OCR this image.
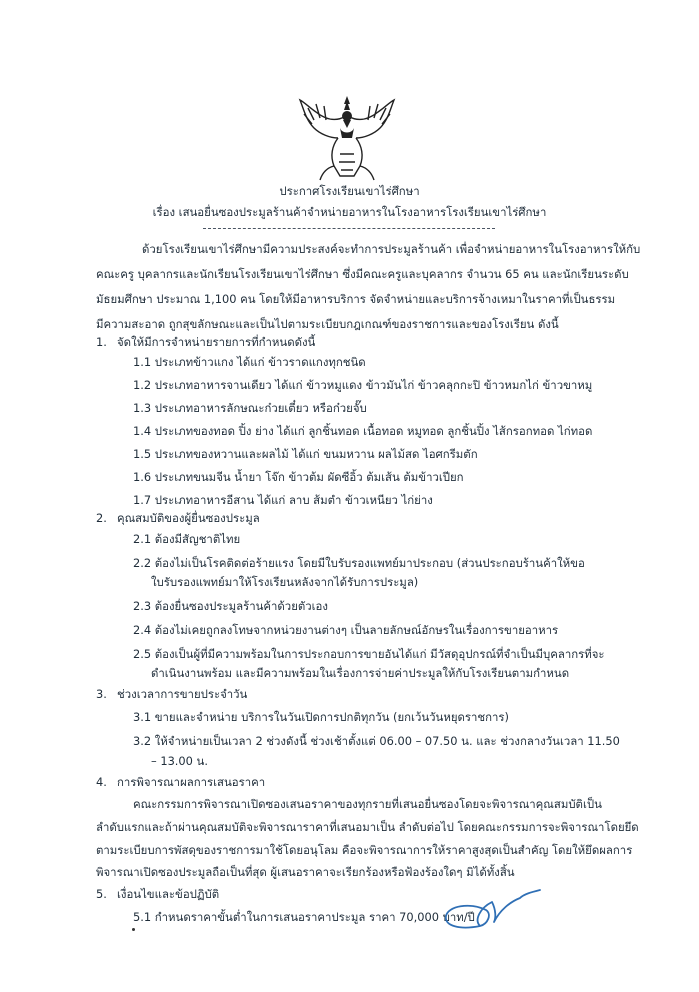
ประกาศโรงเรียนเขาไร่ศึกษา
เรื่อง เสนอยื่นซองประมูลร้านค้าจำหน่ายอาหารในโรงอาหารโรงเรียนเขาไร่ศึกษา
ด้วยโรงเรียนเขาไร่ศึกษามีความประสงค์จะทำการประมูลร้านค้า เพื่อจำหน่ายอาหารในโรงอาหารให้กับ
คณะครู บุคลากรและนักเรียนโรงเรียนเขาไร่ศึกษา ซึ่งมีคณะครูและบุคลากร จำนวน 65 คน และนักเรียนระดับ
มัธยมศึกษา ประมาณ 1,100 คน โดยให้มีอาหารบริการ จัดจำหน่ายและบริการจ้างเหมาในราคาที่เป็นธรรม
มีความสะอาด ถูกสุขลักษณะและเป็นไปตามระเบียบกฎเกณฑ์ของราชการและของโรงเรียน ดังนี้
1. จัดให้มีการจำหน่ายรายการที่กำหนดดังนี้
1.1 ประเภทข้าวแกง ได้แก่ ข้าวราดแกงทุกชนิด
1.2 ประเภทอาหารจานเดียว ได้แก่ ข้าวหมูแดง ข้าวมันไก่ ข้าวคลุกกะปิ ข้าวหมกไก่ ข้าวขาหมู
1.3 ประเภทอาหารลักษณะก๋วยเตี๋ยว หรือก๋วยจั๊บ
1.4 ประเภทของทอด ปิ้ง ย่าง ได้แก่ ลูกชิ้นทอด เนื้อทอด หมูทอด ลูกชิ้นปิ้ง ไส้กรอกทอด ไก่ทอด
1.5 ประเภทของหวานและผลไม้ ได้แก่ ขนมหวาน ผลไม้สด ไอศกรีมตัก
1.6 ประเภทขนมจีน น้ำยา โจ๊ก ข้าวต้ม ผัดซีอิ้ว ต้มเส้น ต้มข้าวเปียก
1.7 ประเภทอาหารอีสาน ได้แก่ ลาบ ส้มตำ ข้าวเหนียว ไก่ย่าง
2. คุณสมบัติของผู้ยื่นซองประมูล
2.1 ต้องมีสัญชาติไทย
2.2 ต้องไม่เป็นโรคติดต่อร้ายแรง โดยมีใบรับรองแพทย์มาประกอบ (ส่วนประกอบร้านค้าให้ขอ
ใบรับรองแพทย์มาให้โรงเรียนหลังจากได้รับการประมูล)
2.3 ต้องยื่นซองประมูลร้านค้าด้วยตัวเอง
2.4 ต้องไม่เคยถูกลงโทษจากหน่วยงานต่างๆ เป็นลายลักษณ์อักษรในเรื่องการขายอาหาร
2.5 ต้องเป็นผู้ที่มีความพร้อมในการประกอบการขายอันได้แก่ มีวัสดุอุปกรณ์ที่จำเป็นมีบุคลากรที่จะ
ดำเนินงานพร้อม และมีความพร้อมในเรื่องการจ่ายค่าประมูลให้กับโรงเรียนตามกำหนด
3. ช่วงเวลาการขายประจำวัน
3.1 ขายและจำหน่าย บริการในวันเปิดการปกติทุกวัน (ยกเว้นวันหยุดราชการ)
3.2 ให้จำหน่ายเป็นเวลา 2 ช่วงดังนี้ ช่วงเช้าตั้งแต่ 06.00 – 07.50 น. และ ช่วงกลางวันเวลา 11.50
– 13.00 น.
4. การพิจารณาผลการเสนอราคา
คณะกรรมการพิจารณาเปิดซองเสนอราคาของทุกรายที่เสนอยื่นซองโดยจะพิจารณาคุณสมบัติเป็น
ลำดับแรกและถ้าผ่านคุณสมบัติจะพิจารณาราคาที่เสนอมาเป็น ลำดับต่อไป โดยคณะกรรมการจะพิจารณาโดยยึด
ตามระเบียบการพัสดุของราชการมาใช้โดยอนุโลม คือจะพิจารณาการให้ราคาสูงสุดเป็นสำคัญ โดยให้ยึดผลการ
พิจารณาเปิดซองประมูลถือเป็นที่สุด ผู้เสนอราคาจะเรียกร้องหรือฟ้องร้องใดๆ มิได้ทั้งสิ้น
5. เงื่อนไขและข้อปฏิบัติ
5.1 กำหนดราคาขั้นต่ำในการเสนอราคาประมูล ราคา 70,000 บาท/ปี
